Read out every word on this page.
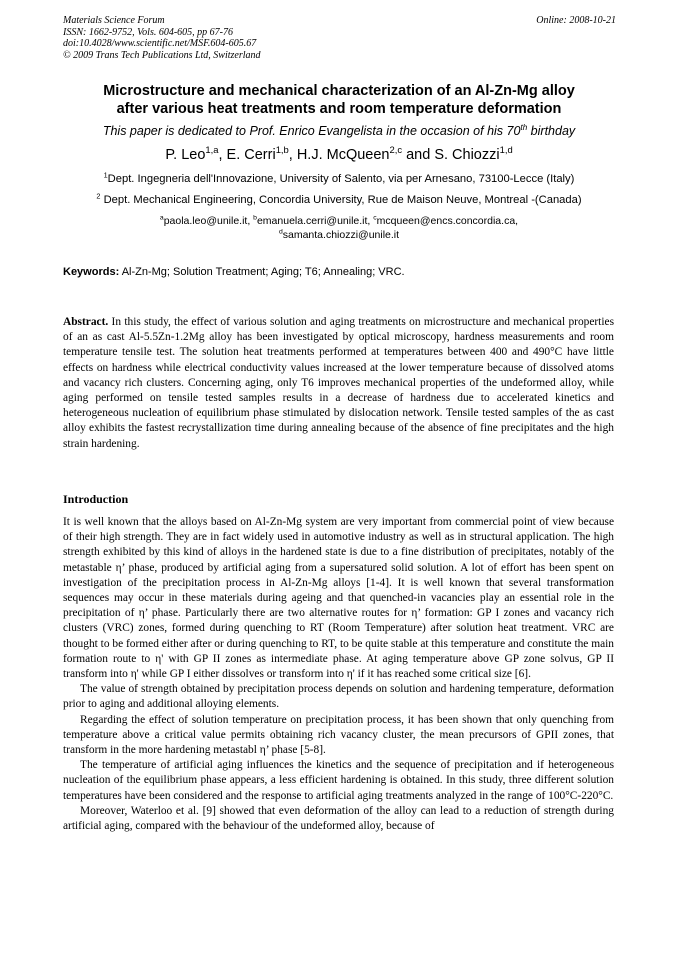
Materials Science Forum
ISSN: 1662-9752, Vols. 604-605, pp 67-76
doi:10.4028/www.scientific.net/MSF.604-605.67
© 2009 Trans Tech Publications Ltd, Switzerland
Online: 2008-10-21
Microstructure and mechanical characterization of an Al-Zn-Mg alloy
after various heat treatments and room temperature deformation
This paper is dedicated to Prof. Enrico Evangelista in the occasion of his 70th birthday
P. Leo$^{1,a}$, E. Cerri$^{1,b}$, H.J. McQueen$^{2,c}$ and S. Chiozzi$^{1,d}$
$^1$Dept. Ingegneria dell'Innovazione, University of Salento, via per Arnesano, 73100-Lecce (Italy)
$^2$ Dept. Mechanical Engineering, Concordia University, Rue de Maison Neuve, Montreal -(Canada)
$^a$paola.leo@unile.it, $^b$emanuela.cerri@unile.it, $^c$mcqueen@encs.concordia.ca,
$^d$samanta.chiozzi@unile.it
Keywords: Al-Zn-Mg; Solution Treatment; Aging; T6; Annealing; VRC.

Abstract. In this study, the effect of various solution and aging treatments on microstructure and mechanical properties of an as cast Al-5.5Zn-1.2Mg alloy has been investigated by optical microscopy, hardness measurements and room temperature tensile test. The solution heat treatments performed at temperatures between 400 and 490°C have little effects on hardness while electrical conductivity values increased at the lower temperature because of dissolved atoms and vacancy rich clusters. Concerning aging, only T6 improves mechanical properties of the undeformed alloy, while aging performed on tensile tested samples results in a decrease of hardness due to accelerated kinetics and heterogeneous nucleation of equilibrium phase stimulated by dislocation network. Tensile tested samples of the as cast alloy exhibits the fastest recrystallization time during annealing because of the absence of fine precipitates and the high strain hardening.

Introduction

It is well known that the alloys based on Al-Zn-Mg system are very important from commercial point of view because of their high strength. They are in fact widely used in automotive industry as well as in structural application. The high strength exhibited by this kind of alloys in the hardened state is due to a fine distribution of precipitates, notably of the metastable η’ phase, produced by artificial aging from a supersatured solid solution. A lot of effort has been spent on investigation of the precipitation process in Al-Zn-Mg alloys [1-4]. It is well known that several transformation sequences may occur in these materials during ageing and that quenched-in vacancies play an essential role in the precipitation of η’ phase. Particularly there are two alternative routes for η’ formation: GP I zones and vacancy rich clusters (VRC) zones, formed during quenching to RT (Room Temperature) after solution heat treatment. VRC are thought to be formed either after or during quenching to RT, to be quite stable at this temperature and constitute the main formation route to η' with GP II zones as intermediate phase. At aging temperature above GP zone solvus, GP II transform into η' while GP I either dissolves or transform into η' if it has reached some critical size [6].

The value of strength obtained by precipitation process depends on solution and hardening temperature, deformation prior to aging and additional alloying elements.

Regarding the effect of solution temperature on precipitation process, it has been shown that only quenching from temperature above a critical value permits obtaining rich vacancy cluster, the mean precursors of GPII zones, that transform in the more hardening metastabl η’ phase [5-8].

The temperature of artificial aging influences the kinetics and the sequence of precipitation and if heterogeneous nucleation of the equilibrium phase appears, a less efficient hardening is obtained. In this study, three different solution temperatures have been considered and the response to artificial aging treatments analyzed in the range of 100°C-220°C.

Moreover, Waterloo et al. [9] showed that even deformation of the alloy can lead to a reduction of strength during artificial aging, compared with the behaviour of the undeformed alloy, because of
